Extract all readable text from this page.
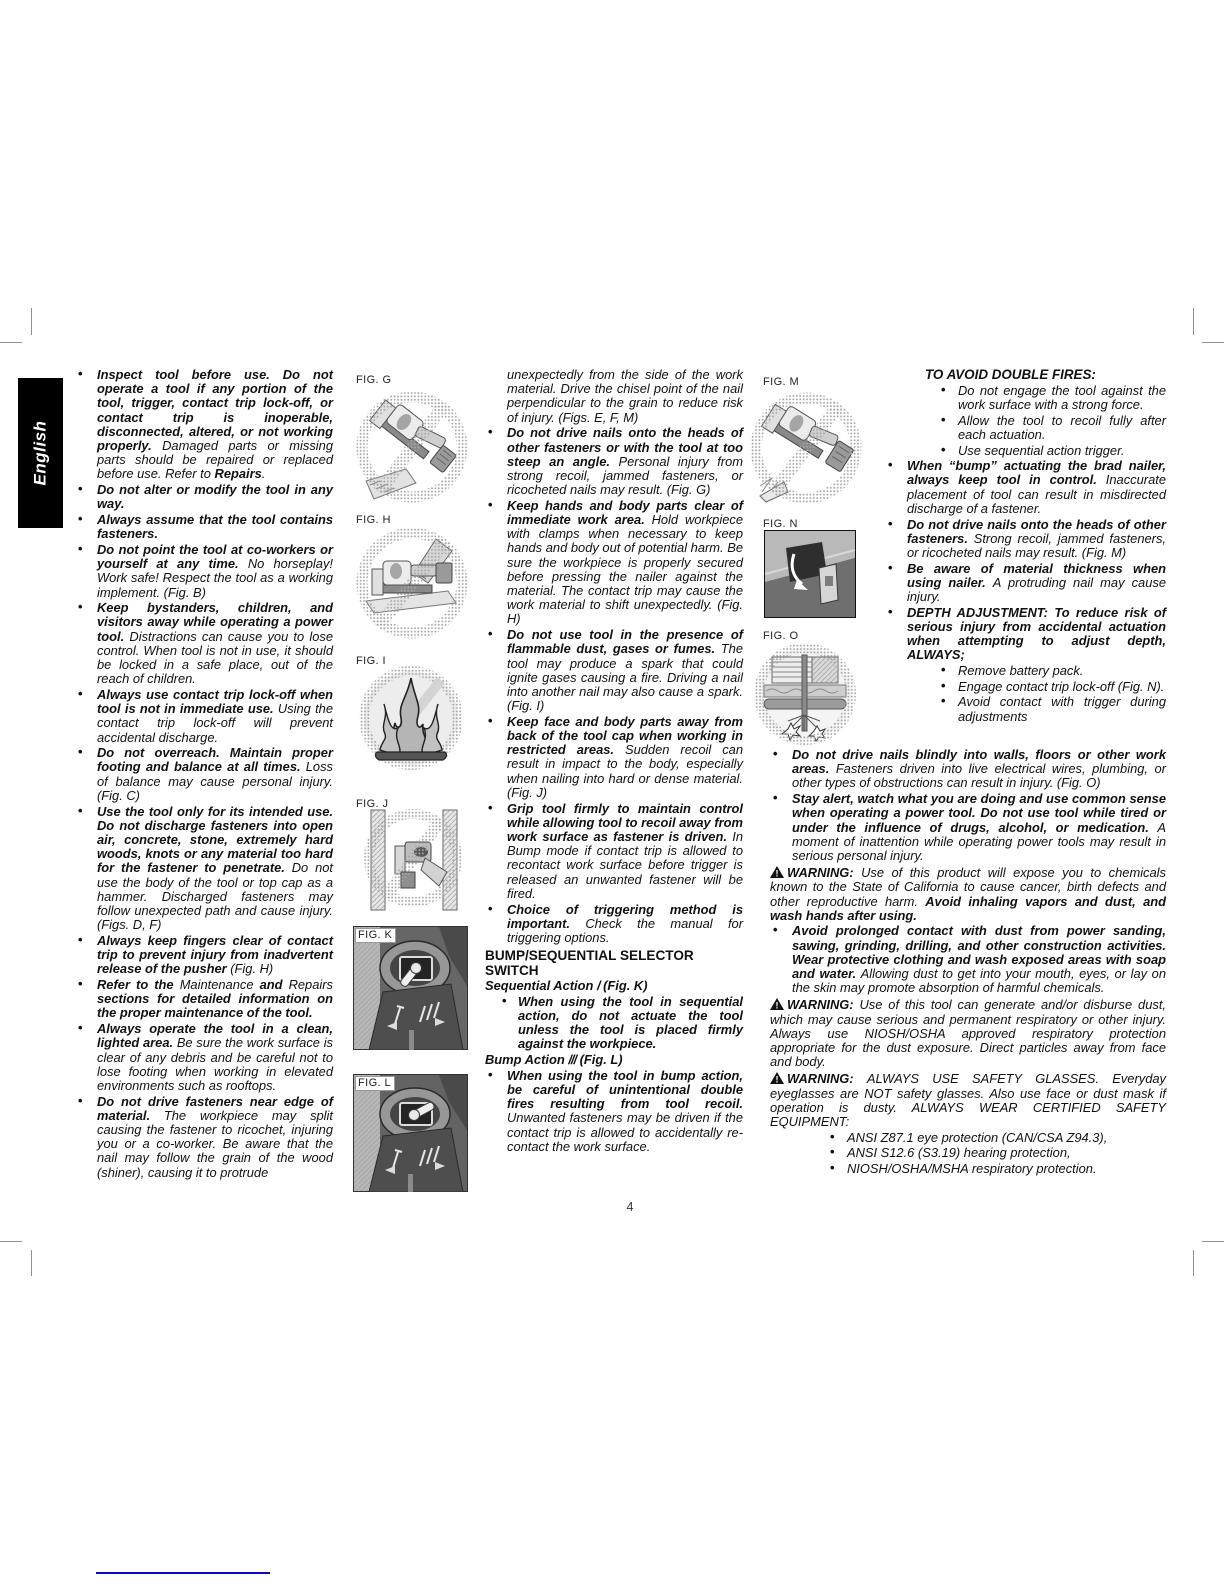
English
• Inspect tool before use. Do not operate a tool if any portion of the tool, trigger, contact trip lock-off, or contact trip is inoperable, disconnected, altered, or not working properly. Damaged parts or missing parts should be repaired or replaced before use. Refer to Repairs.
• Do not alter or modify the tool in any way.
• Always assume that the tool contains fasteners.
• Do not point the tool at co-workers or yourself at any time. No horseplay! Work safe! Respect the tool as a working implement. (Fig. B)
• Keep bystanders, children, and visitors away while operating a power tool. Distractions can cause you to lose control. When tool is not in use, it should be locked in a safe place, out of the reach of children.
• Always use contact trip lock-off when tool is not in immediate use. Using the contact trip lock-off will prevent accidental discharge.
• Do not overreach. Maintain proper footing and balance at all times. Loss of balance may cause personal injury. (Fig. C)
• Use the tool only for its intended use. Do not discharge fasteners into open air, concrete, stone, extremely hard woods, knots or any material too hard for the fastener to penetrate. Do not use the body of the tool or top cap as a hammer. Discharged fasteners may follow unexpected path and cause injury. (Figs. D, F)
• Always keep fingers clear of contact trip to prevent injury from inadvertent release of the pusher (Fig. H)
• Refer to the Maintenance and Repairs sections for detailed information on the proper maintenance of the tool.
• Always operate the tool in a clean, lighted area. Be sure the work surface is clear of any debris and be careful not to lose footing when working in elevated environments such as rooftops.
• Do not drive fasteners near edge of material. The workpiece may split causing the fastener to ricochet, injuring you or a co-worker. Be aware that the nail may follow the grain of the wood (shiner), causing it to protrude
unexpectedly from the side of the work material. Drive the chisel point of the nail perpendicular to the grain to reduce risk of injury. (Figs. E, F, M)
• Do not drive nails onto the heads of other fasteners or with the tool at too steep an angle. Personal injury from strong recoil, jammed fasteners, or ricocheted nails may result. (Fig. G)
• Keep hands and body parts clear of immediate work area. Hold workpiece with clamps when necessary to keep hands and body out of potential harm. Be sure the workpiece is properly secured before pressing the nailer against the material. The contact trip may cause the work material to shift unexpectedly. (Fig. H)
• Do not use tool in the presence of flammable dust, gases or fumes. The tool may produce a spark that could ignite gases causing a fire. Driving a nail into another nail may also cause a spark. (Fig. I)
• Keep face and body parts away from back of the tool cap when working in restricted areas. Sudden recoil can result in impact to the body, especially when nailing into hard or dense material. (Fig. J)
• Grip tool firmly to maintain control while allowing tool to recoil away from work surface as fastener is driven. In Bump mode if contact trip is allowed to recontact work surface before trigger is released an unwanted fastener will be fired.
• Choice of triggering method is important. Check the manual for triggering options.
BUMP/SEQUENTIAL SELECTOR SWITCH
Sequential Action / (Fig. K)
• When using the tool in sequential action, do not actuate the tool unless the tool is placed firmly against the workpiece.
Bump Action /// (Fig. L)
• When using the tool in bump action, be careful of unintentional double fires resulting from tool recoil. Unwanted fasteners may be driven if the contact trip is allowed to accidentally re-contact the work surface.
TO AVOID DOUBLE FIRES:
• Do not engage the tool against the work surface with a strong force.
• Allow the tool to recoil fully after each actuation.
• Use sequential action trigger.
• When “bump” actuating the brad nailer, always keep tool in control. Inaccurate placement of tool can result in misdirected discharge of a fastener.
• Do not drive nails onto the heads of other fasteners. Strong recoil, jammed fasteners, or ricocheted nails may result. (Fig. M)
• Be aware of material thickness when using nailer. A protruding nail may cause injury.
• DEPTH ADJUSTMENT: To reduce risk of serious injury from accidental actuation when attempting to adjust depth, ALWAYS;
• Remove battery pack.
• Engage contact trip lock-off (Fig. N).
• Avoid contact with trigger during adjustments
• Do not drive nails blindly into walls, floors or other work areas. Fasteners driven into live electrical wires, plumbing, or other types of obstructions can result in injury. (Fig. O)
• Stay alert, watch what you are doing and use common sense when operating a power tool. Do not use tool while tired or under the influence of drugs, alcohol, or medication. A moment of inattention while operating power tools may result in serious personal injury.
! WARNING: Use of this product will expose you to chemicals known to the State of California to cause cancer, birth defects and other reproductive harm. Avoid inhaling vapors and dust, and wash hands after using.
• Avoid prolonged contact with dust from power sanding, sawing, grinding, drilling, and other construction activities. Wear protective clothing and wash exposed areas with soap and water. Allowing dust to get into your mouth, eyes, or lay on the skin may promote absorption of harmful chemicals.
! WARNING: Use of this tool can generate and/or disburse dust, which may cause serious and permanent respiratory or other injury. Always use NIOSH/OSHA approved respiratory protection appropriate for the dust exposure. Direct particles away from face and body.
! WARNING: ALWAYS USE SAFETY GLASSES. Everyday eyeglasses are NOT safety glasses. Also use face or dust mask if operation is dusty. ALWAYS WEAR CERTIFIED SAFETY EQUIPMENT:
• ANSI Z87.1 eye protection (CAN/CSA Z94.3),
• ANSI S12.6 (S3.19) hearing protection,
• NIOSH/OSHA/MSHA respiratory protection.
FIG. G
FIG. H
FIG. I
FIG. J
FIG. K
FIG. L
FIG. M
FIG. N
FIG. O
4
